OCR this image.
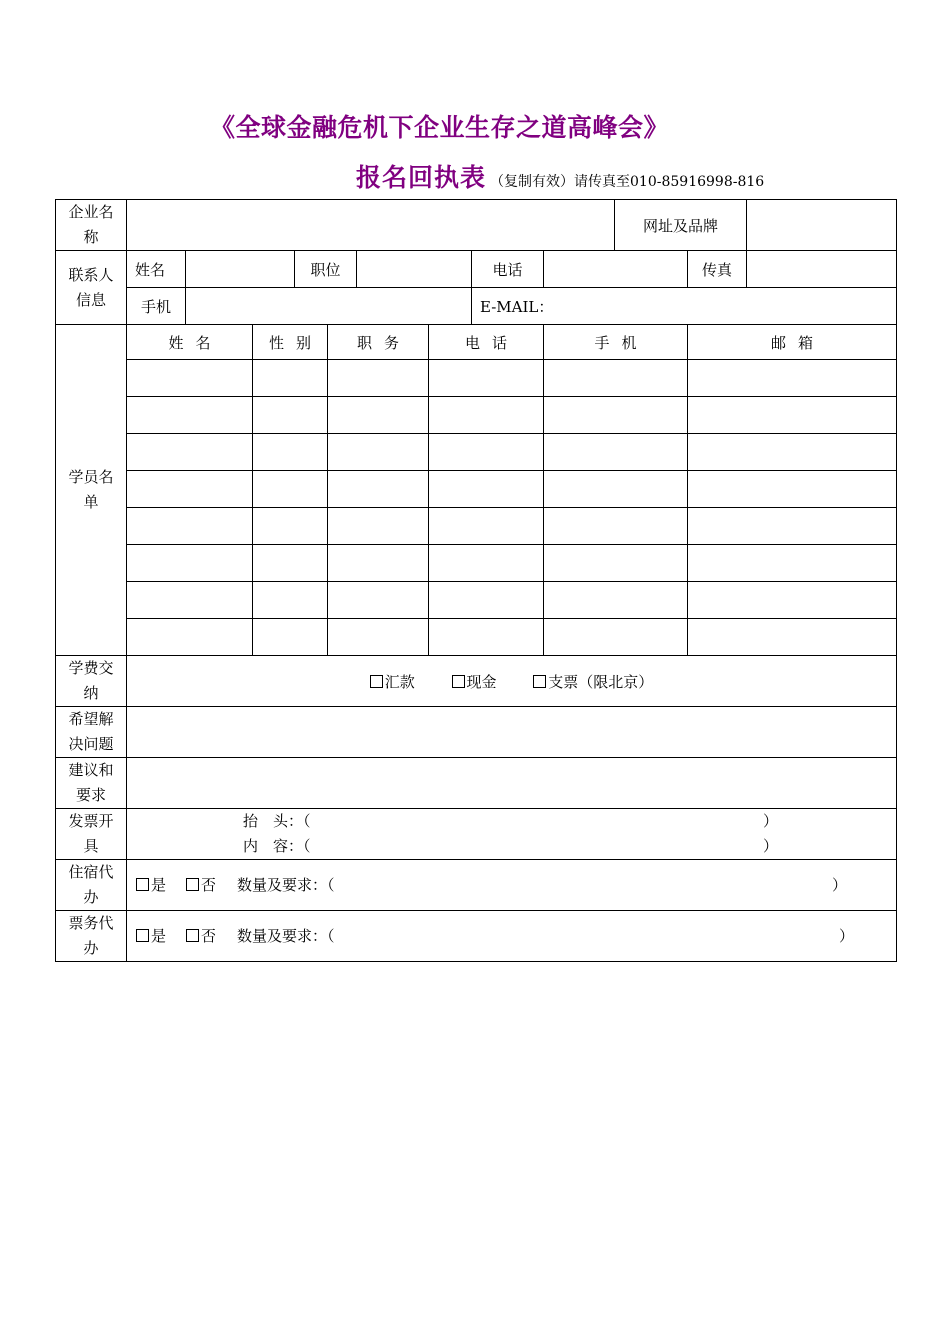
《全球金融危机下企业生存之道高峰会》
报名回执表 （复制有效）请传真至010-85916998-816
企业名称										网址及品牌		
联系人信息	姓名			职位				电话			传真	
	手机							E-MAIL：				
学员名单	姓名		性别		职务		电话		手机		邮箱	

学费交纳	汇款 现金 支票（限北京）											
希望解决问题												
建议和要求												
发票开具	抬　头：（ ）
内　容：（ ）											

住宿代办	是 否 数量及要求：（ ）											

票务代办	是 否 数量及要求：（ ）											
